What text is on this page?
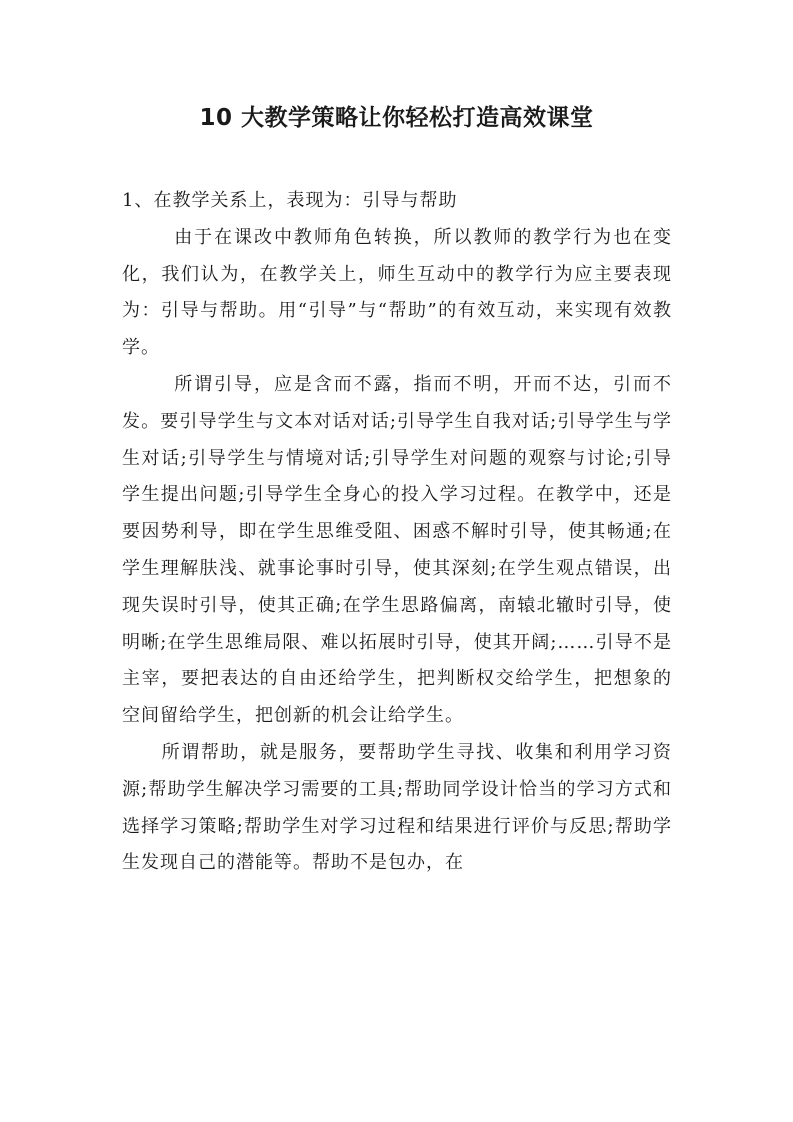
10 大教学策略让你轻松打造高效课堂

1、在教学关系上，表现为：引导与帮助

由于在课改中教师角色转换，所以教师的教学行为也在变化，我们认为，在教学关上，师生互动中的教学行为应主要表现为：引导与帮助。用“引导”与“帮助”的有效互动，来实现有效教学。

所谓引导，应是含而不露，指而不明，开而不达，引而不发。要引导学生与文本对话对话;引导学生自我对话;引导学生与学生对话;引导学生与情境对话;引导学生对问题的观察与讨论;引导学生提出问题;引导学生全身心的投入学习过程。在教学中，还是要因势利导，即在学生思维受阻、困惑不解时引导，使其畅通;在学生理解肤浅、就事论事时引导，使其深刻;在学生观点错误，出现失误时引导，使其正确;在学生思路偏离，南辕北辙时引导，使明晰;在学生思维局限、难以拓展时引导，使其开阔;……引导不是主宰，要把表达的自由还给学生，把判断权交给学生，把想象的空间留给学生，把创新的机会让给学生。

所谓帮助，就是服务，要帮助学生寻找、收集和利用学习资源;帮助学生解决学习需要的工具;帮助同学设计恰当的学习方式和选择学习策略;帮助学生对学习过程和结果进行评价与反思;帮助学生发现自己的潜能等。帮助不是包办，在
